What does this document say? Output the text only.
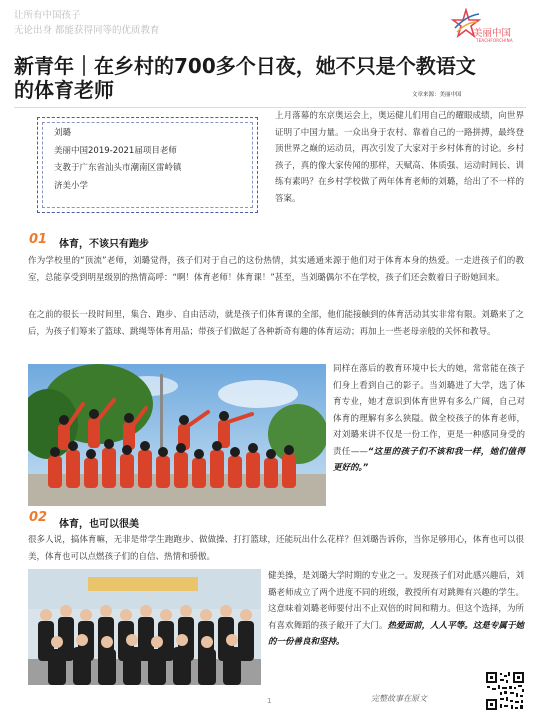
让所有中国孩子
无论出身 都能获得同等的优质教育	美丽中国
TEACHFORCHINA
新青年｜在乡村的700多个日夜，她不只是个教语文
的体育老师	文章来源：美丽中国
刘璐
美丽中国2019-2021届项目老师
支教于广东省汕头市潮南区雷岭镇
济美小学
上月落幕的东京奥运会上，奥运健儿们用自己的耀眼成绩，向世界证明了中国力量。一众出身于农村、靠着自己的一路拼搏，最终登顶世界之巅的运动员，再次引发了大家对于乡村体育的讨论。乡村孩子，真的像大家传闻的那样，天赋高、体质强、运动时间长、训练有素吗？在乡村学校做了两年体育老师的刘璐，给出了不一样的答案。
01 体育，不该只有跑步
作为学校里的“顶流”老师，刘璐觉得，孩子们对于自己的这份热情，其实通通来源于他们对于体育本身的热爱。一走进孩子们的教室，总能享受到明星级别的热情高呼：“啊！体育老师！体育课！”甚至，当刘璐偶尔不在学校，孩子们还会数着日子盼她回来。
在之前的很长一段时间里，集合、跑步、自由活动，就是孩子们体育课的全部，他们能接触到的体育活动其实非常有限。刘璐来了之后，为孩子们筹来了篮球、跳绳等体育用品；带孩子们做起了各种新奇有趣的体育运动；再加上一些老母亲般的关怀和教导。
同样在落后的教育环境中长大的她，常常能在孩子们身上看到自己的影子。当刘璐进了大学，选了体育专业，她才意识到体育世界有多么广阔，自己对体育的理解有多么狭隘。做全校孩子的体育老师，对刘璐来讲不仅是一份工作，更是一种感同身受的责任——“这里的孩子们不该和我一样，她们值得更好的。”
02 体育，也可以很美
很多人说，搞体育嘛，无非是带学生跑跑步、做做操、打打篮球，还能玩出什么花样？但刘璐告诉你，当你足够用心，体育也可以很美，体育也可以点燃孩子们的自信、热情和骄傲。
健美操，是刘璐大学时期的专业之一。发现孩子们对此感兴趣后，刘璐老师成立了两个进度不同的班级，教授所有对跳舞有兴趣的学生。这意味着刘璐老师要付出不止双倍的时间和精力。但这个选择，为所有喜欢舞蹈的孩子敞开了大门。热爱面前，人人平等。这是专属于她的一份善良和坚持。
1	完整故事在原文
